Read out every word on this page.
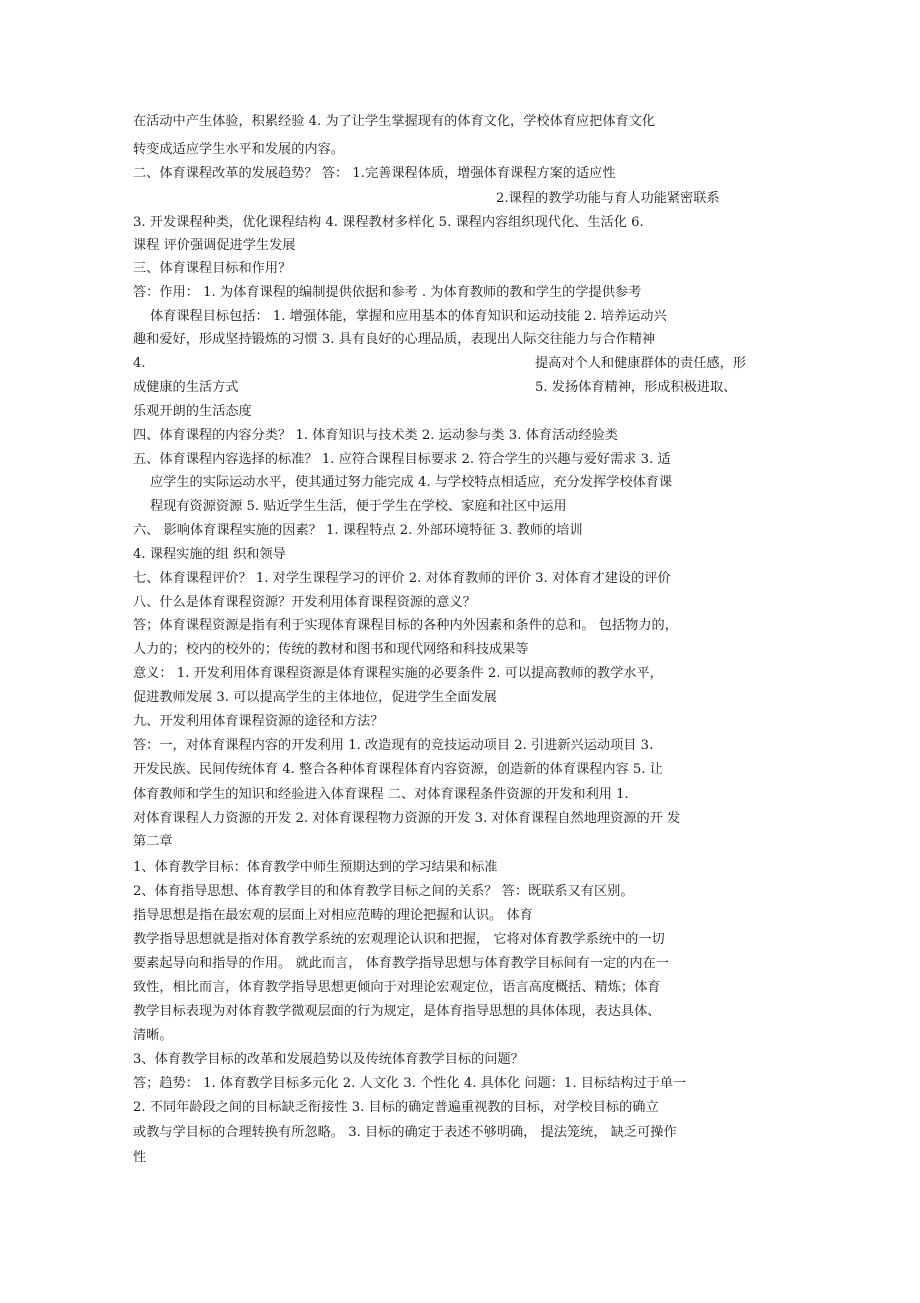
在活动中产生体验，积累经验 4. 为了让学生掌握现有的体育文化，学校体育应把体育文化
转变成适应学生水平和发展的内容。
二、体育课程改革的发展趋势？ 答： 1.完善课程体质，增强体育课程方案的适应性
2.课程的教学功能与育人功能紧密联系
3. 开发课程种类，优化课程结构 4. 课程教材多样化 5. 课程内容组织现代化、生活化 6.
课程 评价强调促进学生发展
三、体育课程目标和作用？
答：作用： 1. 为体育课程的编制提供依据和参考 . 为体育教师的教和学生的学提供参考
体育课程目标包括： 1. 增强体能，掌握和应用基本的体育知识和运动技能 2. 培养运动兴
趣和爱好，形成坚持锻炼的习惯 3. 具有良好的心理品质，表现出人际交往能力与合作精神
4.	提高对个人和健康群体的责任感，形
成健康的生活方式	5. 发扬体育精神，形成积极进取、
乐观开朗的生活态度
四、体育课程的内容分类？ 1. 体育知识与技术类 2. 运动参与类 3. 体育活动经验类
五、体育课程内容选择的标准？ 1. 应符合课程目标要求 2. 符合学生的兴趣与爱好需求 3. 适
应学生的实际运动水平，使其通过努力能完成 4. 与学校特点相适应，充分发挥学校体育课
程现有资源资源 5. 贴近学生生活，便于学生在学校、家庭和社区中运用
六、 影响体育课程实施的因素？ 1. 课程特点 2. 外部环境特征 3. 教师的培训
4. 课程实施的组 织和领导
七、体育课程评价？ 1. 对学生课程学习的评价 2. 对体育教师的评价 3. 对体育才建设的评价
八、什么是体育课程资源？开发利用体育课程资源的意义？
答；体育课程资源是指有利于实现体育课程目标的各种内外因素和条件的总和。 包括物力的，
人力的；校内的校外的；传统的教材和图书和现代网络和科技成果等
意义： 1. 开发利用体育课程资源是体育课程实施的必要条件 2. 可以提高教师的教学水平，
促进教师发展 3. 可以提高学生的主体地位，促进学生全面发展
九、开发利用体育课程资源的途径和方法？
答：一，对体育课程内容的开发利用 1. 改造现有的竞技运动项目 2. 引进新兴运动项目 3.
开发民族、民间传统体育 4. 整合各种体育课程体育内容资源，创造新的体育课程内容 5. 让
体育教师和学生的知识和经验进入体育课程 二、对体育课程条件资源的开发和利用 1.
对体育课程人力资源的开发 2. 对体育课程物力资源的开发 3. 对体育课程自然地理资源的开 发
第二章
1、体育教学目标：体育教学中师生预期达到的学习结果和标准
2、体育指导思想、体育教学目的和体育教学目标之间的关系？ 答：既联系又有区别。
指导思想是指在最宏观的层面上对相应范畴的理论把握和认识。 体育
教学指导思想就是指对体育教学系统的宏观理论认识和把握， 它将对体育教学系统中的一切
要素起导向和指导的作用。 就此而言， 体育教学指导思想与体育教学目标间有一定的内在一
致性，相比而言，体育教学指导思想更倾向于对理论宏观定位，语言高度概括、精炼；体育
教学目标表现为对体育教学微观层面的行为规定，是体育指导思想的具体体现，表达具体、
清晰。
3、体育教学目标的改革和发展趋势以及传统体育教学目标的问题？
答；趋势： 1. 体育教学目标多元化 2. 人文化 3. 个性化 4. 具体化 问题：1. 目标结构过于单一
2. 不同年龄段之间的目标缺乏衔接性 3. 目标的确定普遍重视教的目标，对学校目标的确立
或教与学目标的合理转换有所忽略。 3. 目标的确定于表述不够明确， 提法笼统， 缺乏可操作
性
